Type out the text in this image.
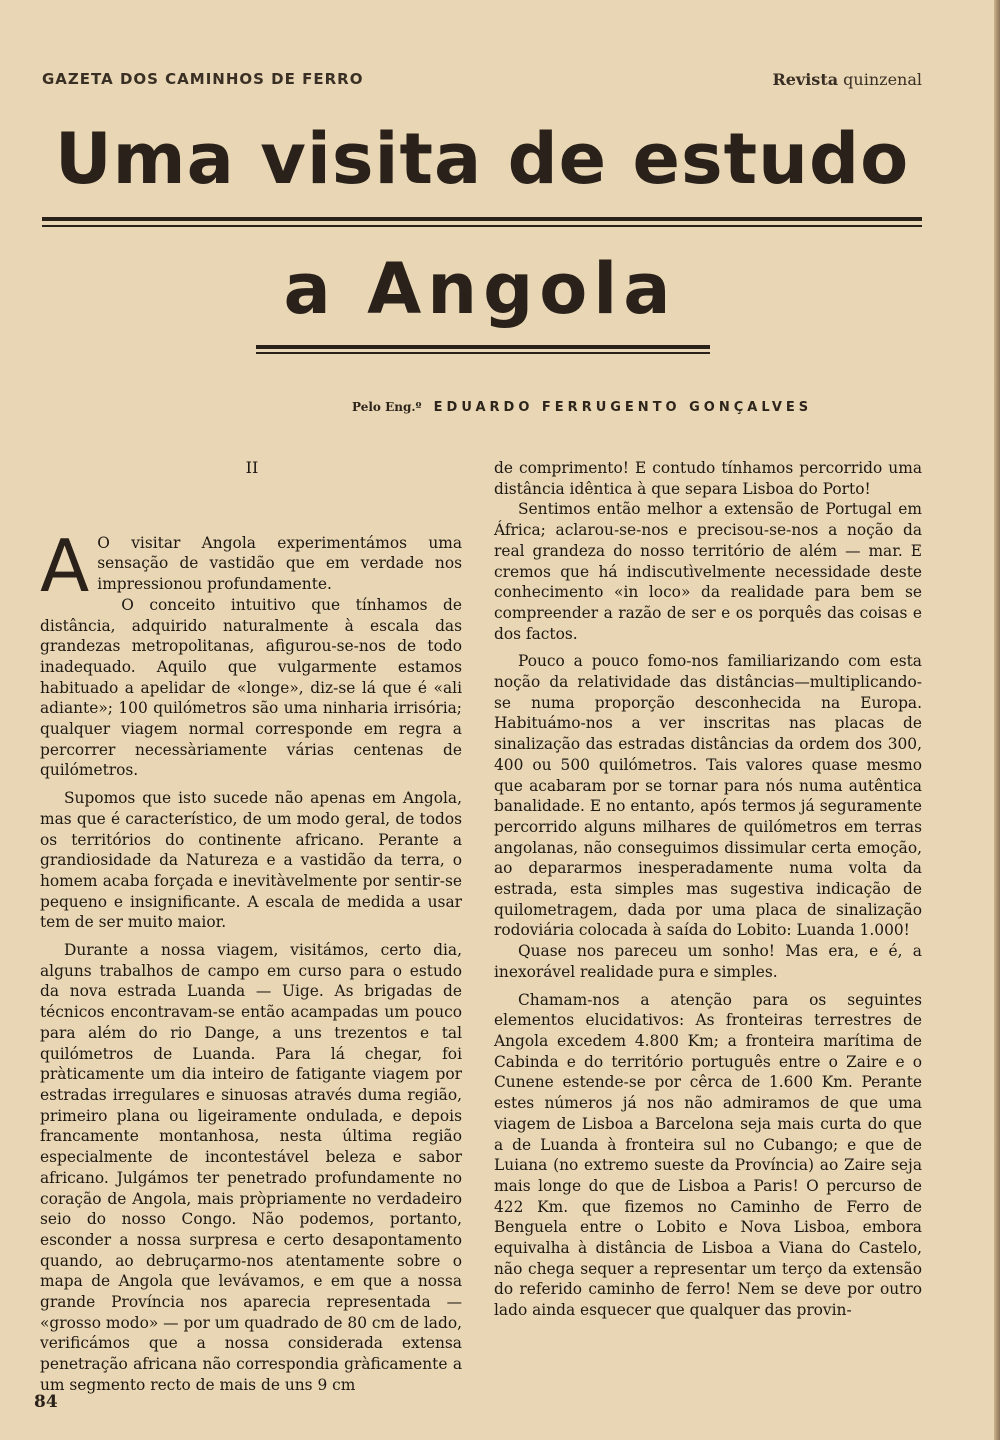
GAZETA DOS CAMINHOS DE FERRO	Revista quinzenal
Uma visita de estudo
a Angola
Pelo Eng.º EDUARDO FERRUGENTO GONÇALVES
II

A O visitar Angola experimentámos uma sensação de vastidão que em verdade nos impressionou profundamente.

O conceito intuitivo que tínhamos de distância, adquirido naturalmente à escala das grandezas metropolitanas, afigurou-se-nos de todo inadequado. Aquilo que vulgarmente estamos habituado a apelidar de «longe», diz-se lá que é «ali adiante»; 100 quilómetros são uma ninharia irrisória; qualquer viagem normal corresponde em regra a percorrer necessàriamente várias centenas de quilómetros.

Supomos que isto sucede não apenas em Angola, mas que é característico, de um modo geral, de todos os territórios do continente africano. Perante a grandiosidade da Natureza e a vastidão da terra, o homem acaba forçada e inevitàvelmente por sentir-se pequeno e insignificante. A escala de medida a usar tem de ser muito maior.

Durante a nossa viagem, visitámos, certo dia, alguns trabalhos de campo em curso para o estudo da nova estrada Luanda — Uige. As brigadas de técnicos encontravam-se então acampadas um pouco para além do rio Dange, a uns trezentos e tal quilómetros de Luanda. Para lá chegar, foi pràticamente um dia inteiro de fatigante viagem por estradas irregulares e sinuosas através duma região, primeiro plana ou ligeiramente ondulada, e depois francamente montanhosa, nesta última região especialmente de incontestável beleza e sabor africano. Julgámos ter penetrado profundamente no coração de Angola, mais pròpriamente no verdadeiro seio do nosso Congo. Não podemos, portanto, esconder a nossa surpresa e certo desapontamento quando, ao debruçarmo-nos atentamente sobre o mapa de Angola que levávamos, e em que a nossa grande Província nos aparecia representada — «grosso modo» — por um quadrado de 80 cm de lado, verificámos que a nossa considerada extensa penetração africana não correspondia gràficamente a um segmento recto de mais de uns 9 cm

de comprimento! E contudo tínhamos percorrido uma distância idêntica à que separa Lisboa do Porto!

Sentimos então melhor a extensão de Portugal em África; aclarou-se-nos e precisou-se-nos a noção da real grandeza do nosso território de além — mar. E cremos que há indiscutìvelmente necessidade deste conhecimento «in loco» da realidade para bem se compreender a razão de ser e os porquês das coisas e dos factos.

Pouco a pouco fomo-nos familiarizando com esta noção da relatividade das distâncias—multiplicando-se numa proporção desconhecida na Europa. Habituámo-nos a ver inscritas nas placas de sinalização das estradas distâncias da ordem dos 300, 400 ou 500 quilómetros. Tais valores quase mesmo que acabaram por se tornar para nós numa autêntica banalidade. E no entanto, após termos já seguramente percorrido alguns milhares de quilómetros em terras angolanas, não conseguimos dissimular certa emoção, ao depararmos inesperadamente numa volta da estrada, esta simples mas sugestiva indicação de quilometragem, dada por uma placa de sinalização rodoviária colocada à saída do Lobito: Luanda 1.000!

Quase nos pareceu um sonho! Mas era, e é, a inexorável realidade pura e simples.

Chamam-nos a atenção para os seguintes elementos elucidativos: As fronteiras terrestres de Angola excedem 4.800 Km; a fronteira marítima de Cabinda e do território português entre o Zaire e o Cunene estende-se por cêrca de 1.600 Km. Perante estes números já nos não admiramos de que uma viagem de Lisboa a Barcelona seja mais curta do que a de Luanda à fronteira sul no Cubango; e que de Luiana (no extremo sueste da Província) ao Zaire seja mais longe do que de Lisboa a Paris! O percurso de 422 Km. que fizemos no Caminho de Ferro de Benguela entre o Lobito e Nova Lisboa, embora equivalha à distância de Lisboa a Viana do Castelo, não chega sequer a representar um terço da extensão do referido caminho de ferro! Nem se deve por outro lado ainda esquecer que qualquer das provin-

84
